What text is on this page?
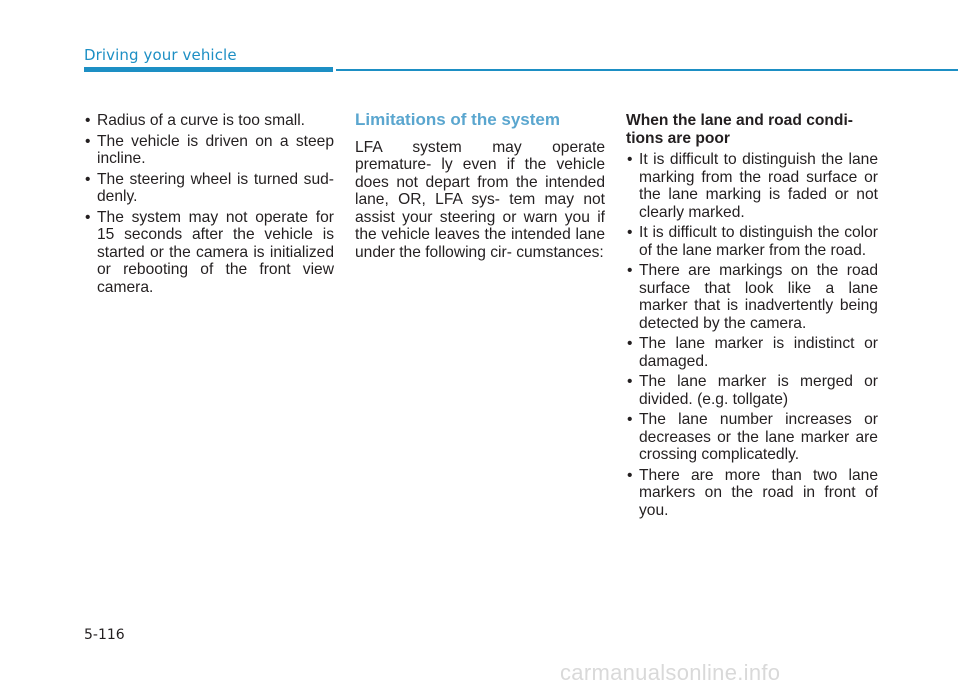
Driving your vehicle
• Radius of a curve is too small.
• The vehicle is driven on a steep incline.
• The steering wheel is turned sud- denly.
• The system may not operate for 15 seconds after the vehicle is started or the camera is initialized or rebooting of the front view camera.
Limitations of the system

LFA system may operate premature- ly even if the vehicle does not depart from the intended lane, OR, LFA sys- tem may not assist your steering or warn you if the vehicle leaves the intended lane under the following cir- cumstances:

When the lane and road condi- tions are poor
• It is difficult to distinguish the lane marking from the road surface or the lane marking is faded or not clearly marked.
• It is difficult to distinguish the color of the lane marker from the road.
• There are markings on the road surface that look like a lane marker that is inadvertently being detected by the camera.
• The lane marker is indistinct or damaged.
• The lane marker is merged or divided. (e.g. tollgate)
• The lane number increases or decreases or the lane marker are crossing complicatedly.
• There are more than two lane markers on the road in front of you.
5-116
carmanualsonline.info
